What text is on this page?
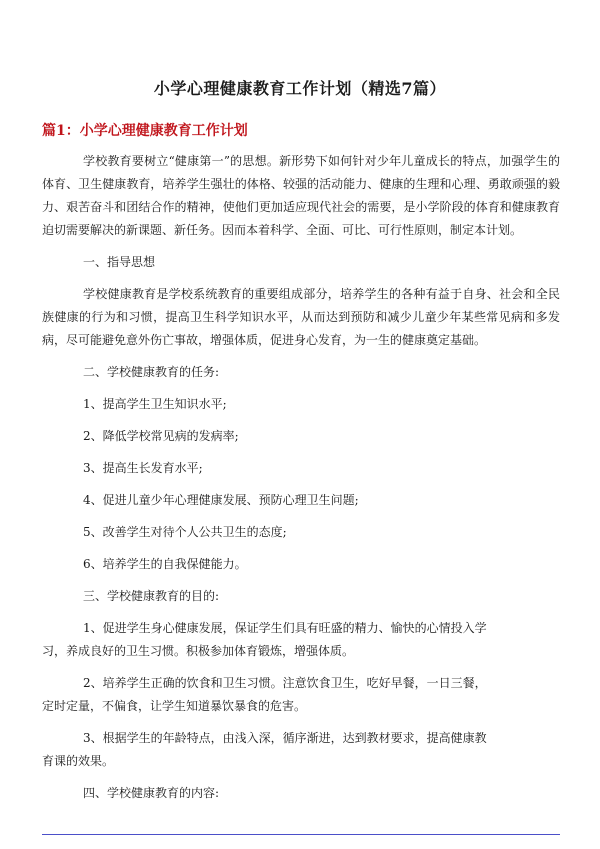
小学心理健康教育工作计划（精选7篇）
篇1：小学心理健康教育工作计划

学校教育要树立“健康第一”的思想。新形势下如何针对少年儿童成长的特点，加强学生的体育、卫生健康教育，培养学生强壮的体格、较强的活动能力、健康的生理和心理、勇敢顽强的毅力、艰苦奋斗和团结合作的精神，使他们更加适应现代社会的需要，是小学阶段的体育和健康教育迫切需要解决的新课题、新任务。因而本着科学、全面、可比、可行性原则，制定本计划。

一、指导思想

学校健康教育是学校系统教育的重要组成部分，培养学生的各种有益于自身、社会和全民族健康的行为和习惯，提高卫生科学知识水平，从而达到预防和减少儿童少年某些常见病和多发病，尽可能避免意外伤亡事故，增强体质，促进身心发育，为一生的健康奠定基础。

二、学校健康教育的任务:

1、提高学生卫生知识水平;

2、降低学校常见病的发病率;

3、提高生长发育水平;

4、促进儿童少年心理健康发展、预防心理卫生问题;

5、改善学生对待个人公共卫生的态度;

6、培养学生的自我保健能力。

三、学校健康教育的目的:

1、促进学生身心健康发展，保证学生们具有旺盛的精力、愉快的心情投入学

习，养成良好的卫生习惯。积极参加体育锻炼，增强体质。

2、培养学生正确的饮食和卫生习惯。注意饮食卫生，吃好早餐，一日三餐，

定时定量，不偏食，让学生知道暴饮暴食的危害。

3、根据学生的年龄特点，由浅入深，循序渐进，达到教材要求，提高健康教

育课的效果。

四、学校健康教育的内容:
